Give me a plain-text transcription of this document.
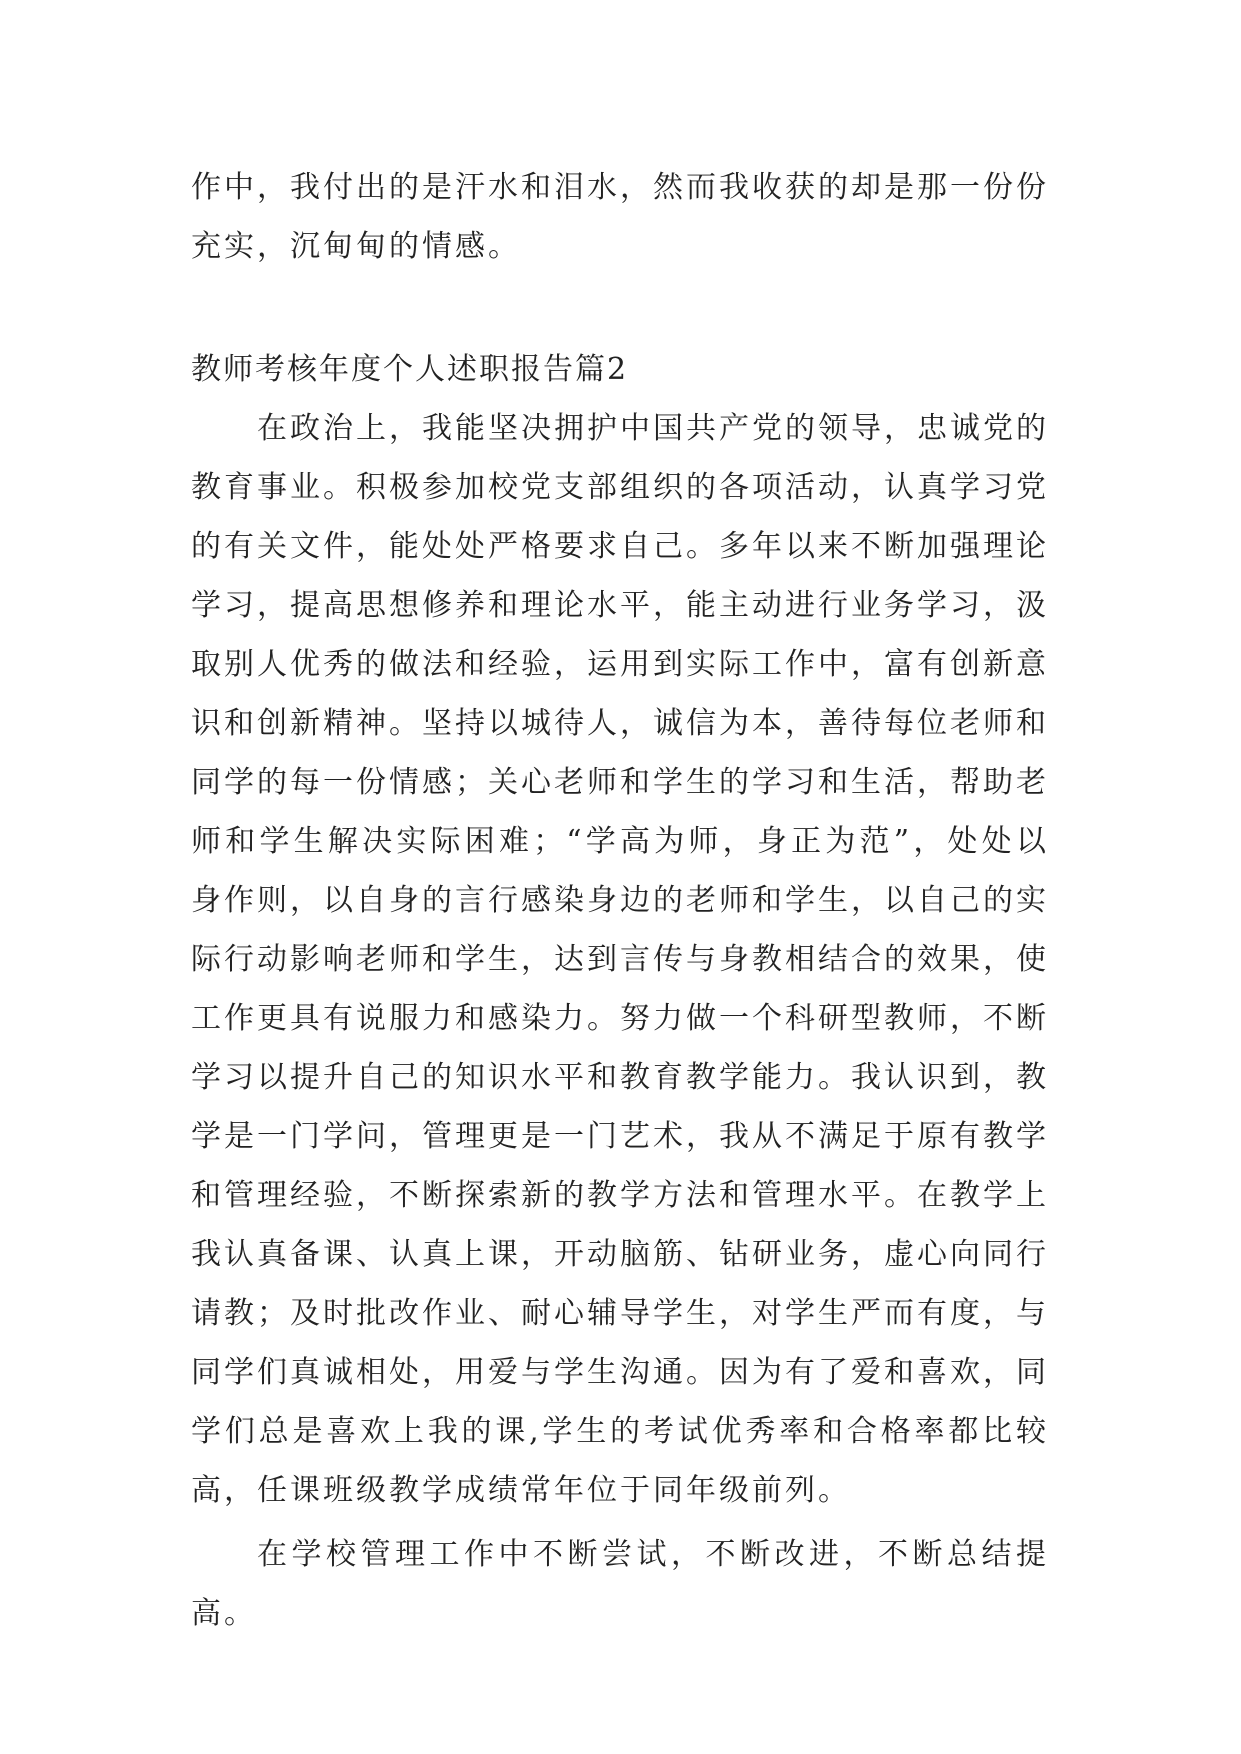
作中，我付出的是汗水和泪水，然而我收获的却是那一份份充实，沉甸甸的情感。

教师考核年度个人述职报告篇2

在政治上，我能坚决拥护中国共产党的领导，忠诚党的教育事业。积极参加校党支部组织的各项活动，认真学习党的有关文件，能处处严格要求自己。多年以来不断加强理论学习，提高思想修养和理论水平，能主动进行业务学习，汲取别人优秀的做法和经验，运用到实际工作中，富有创新意识和创新精神。坚持以城待人，诚信为本，善待每位老师和同学的每一份情感；关心老师和学生的学习和生活，帮助老师和学生解决实际困难；“学高为师，身正为范”，处处以身作则，以自身的言行感染身边的老师和学生，以自己的实际行动影响老师和学生，达到言传与身教相结合的效果，使工作更具有说服力和感染力。努力做一个科研型教师，不断学习以提升自己的知识水平和教育教学能力。我认识到，教学是一门学问，管理更是一门艺术，我从不满足于原有教学和管理经验，不断探索新的教学方法和管理水平。在教学上我认真备课、认真上课，开动脑筋、钻研业务，虚心向同行请教；及时批改作业、耐心辅导学生，对学生严而有度，与同学们真诚相处，用爱与学生沟通。因为有了爱和喜欢，同学们总是喜欢上我的课,学生的考试优秀率和合格率都比较高，任课班级教学成绩常年位于同年级前列。

在学校管理工作中不断尝试，不断改进，不断总结提高。
